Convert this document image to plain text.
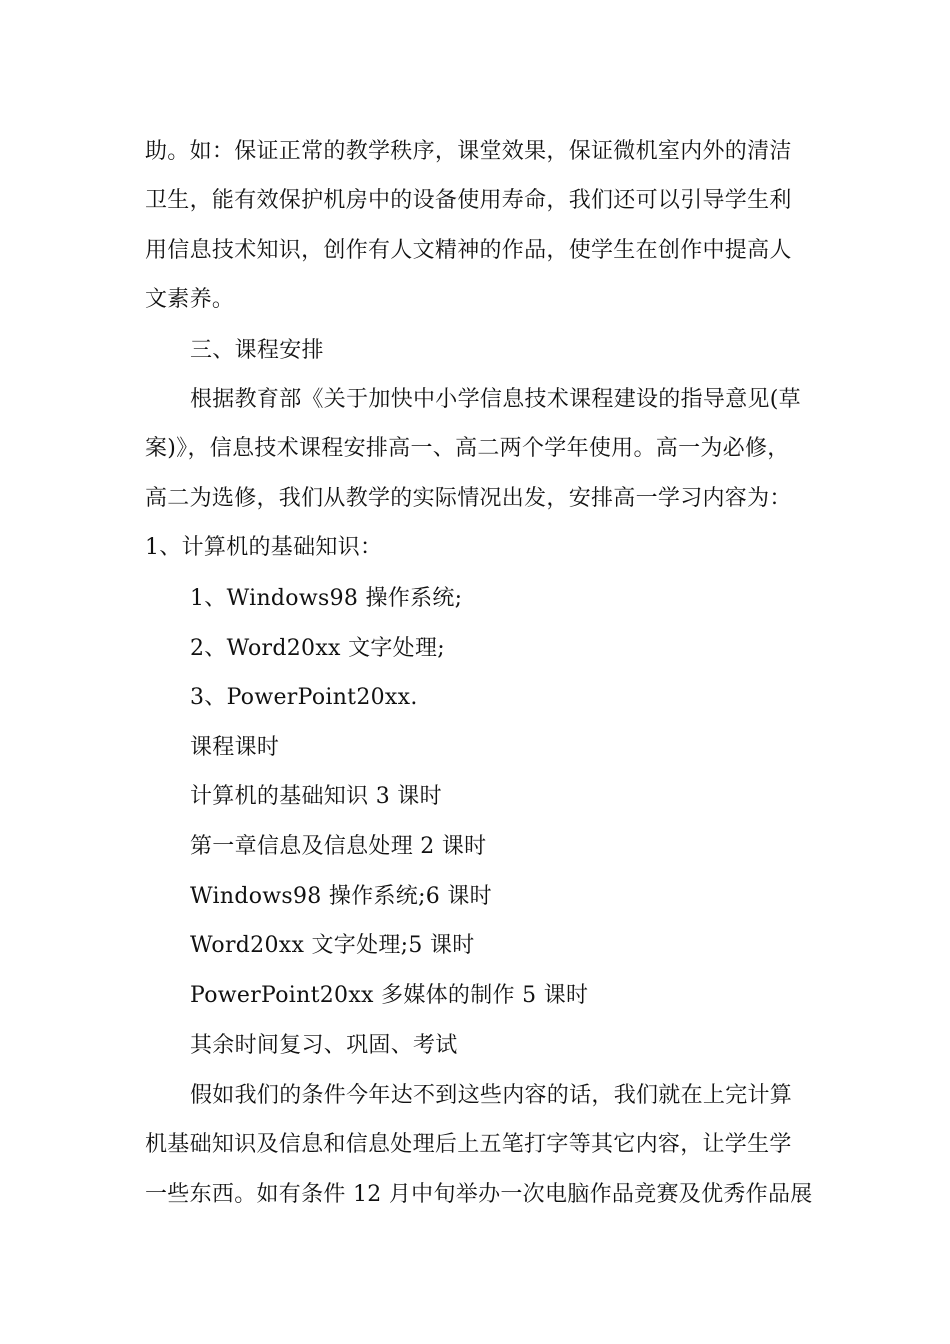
助。如：保证正常的教学秩序，课堂效果，保证微机室内外的清洁
卫生，能有效保护机房中的设备使用寿命，我们还可以引导学生利
用信息技术知识，创作有人文精神的作品，使学生在创作中提高人
文素养。
三、课程安排
根据教育部《关于加快中小学信息技术课程建设的指导意见(草
案)》，信息技术课程安排高一、高二两个学年使用。高一为必修，
高二为选修，我们从教学的实际情况出发，安排高一学习内容为：
1、计算机的基础知识：
1、Windows98 操作系统;
2、Word20xx 文字处理;
3、PowerPoint20xx.
课程课时
计算机的基础知识 3 课时
第一章信息及信息处理 2 课时
Windows98 操作系统;6 课时
Word20xx 文字处理;5 课时
PowerPoint20xx 多媒体的制作 5 课时
其余时间复习、巩固、考试
假如我们的条件今年达不到这些内容的话，我们就在上完计算
机基础知识及信息和信息处理后上五笔打字等其它内容，让学生学
一些东西。如有条件 12 月中旬举办一次电脑作品竞赛及优秀作品展
